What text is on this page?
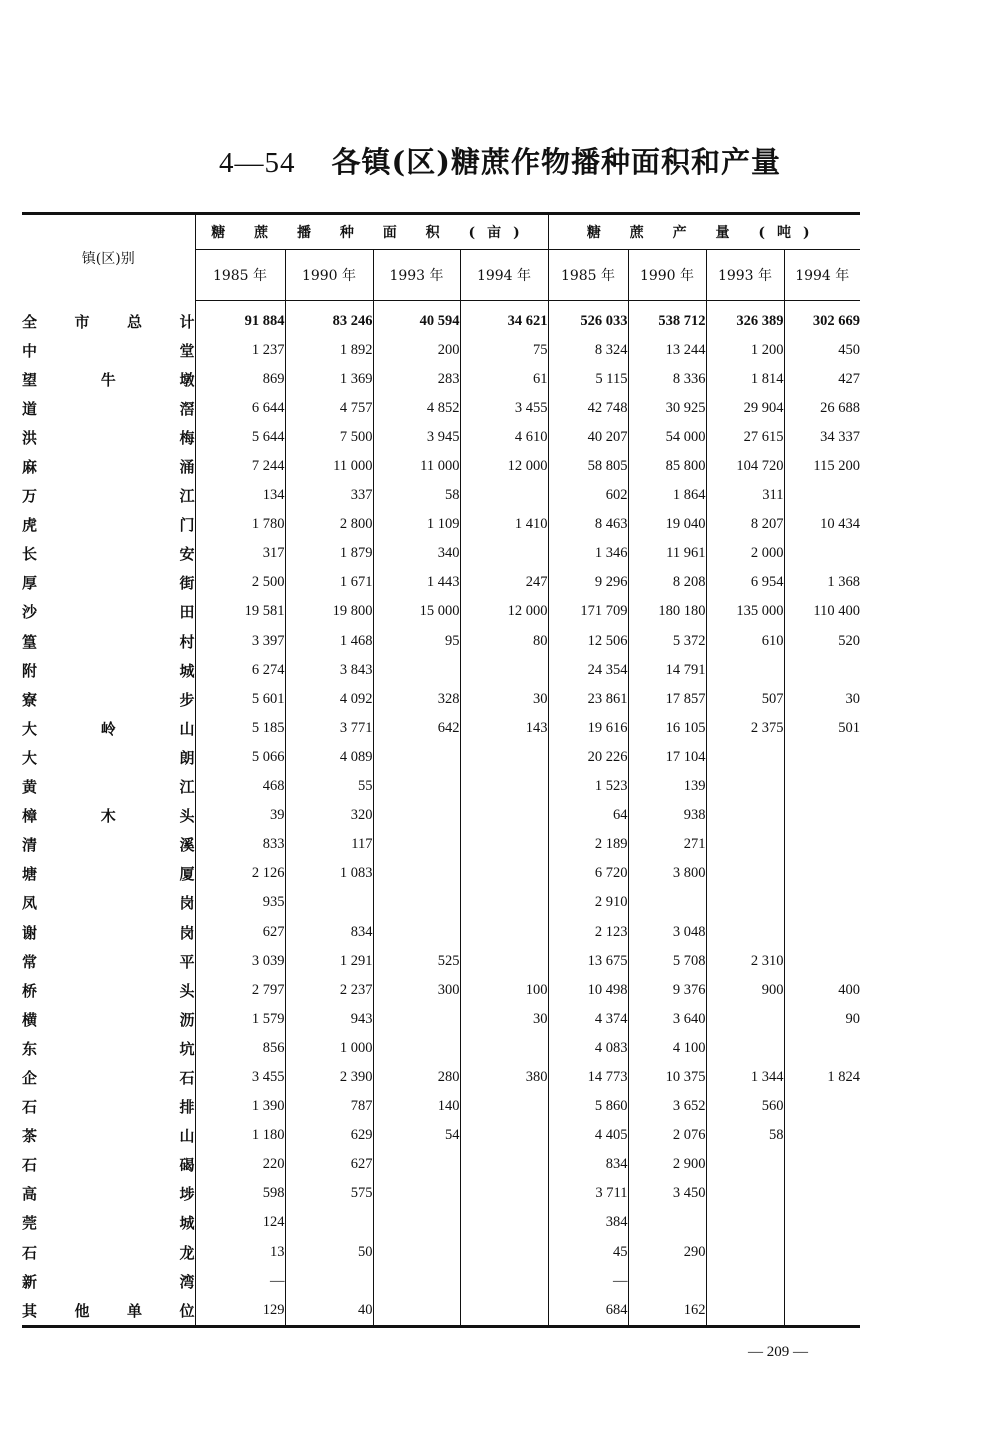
4—54 各镇(区)糖蔗作物播种面积和产量
镇(区)别	糖 蔗 播 种 面 积 (亩)				糖 蔗 产 量 (吨)			
	1985 年	1990 年	1993 年	1994 年	1985 年	1990 年	1993 年	1994 年
全市总计	91 884	83 246	40 594	34 621	526 033	538 712	326 389	302 669
中堂	1 237	1 892	200	75	8 324	13 244	1 200	450
望牛墩	869	1 369	283	61	5 115	8 336	1 814	427
道滘	6 644	4 757	4 852	3 455	42 748	30 925	29 904	26 688
洪梅	5 644	7 500	3 945	4 610	40 207	54 000	27 615	34 337
麻涌	7 244	11 000	11 000	12 000	58 805	85 800	104 720	115 200
万江	134	337	58		602	1 864	311	
虎门	1 780	2 800	1 109	1 410	8 463	19 040	8 207	10 434
长安	317	1 879	340		1 346	11 961	2 000	
厚街	2 500	1 671	1 443	247	9 296	8 208	6 954	1 368
沙田	19 581	19 800	15 000	12 000	171 709	180 180	135 000	110 400
篁村	3 397	1 468	95	80	12 506	5 372	610	520
附城	6 274	3 843			24 354	14 791		
寮步	5 601	4 092	328	30	23 861	17 857	507	30
大岭山	5 185	3 771	642	143	19 616	16 105	2 375	501
大朗	5 066	4 089			20 226	17 104		
黄江	468	55			1 523	139		
樟木头	39	320			64	938		
清溪	833	117			2 189	271		
塘厦	2 126	1 083			6 720	3 800		
凤岗	935				2 910			
谢岗	627	834			2 123	3 048		
常平	3 039	1 291	525		13 675	5 708	2 310	
桥头	2 797	2 237	300	100	10 498	9 376	900	400
横沥	1 579	943		30	4 374	3 640		90
东坑	856	1 000			4 083	4 100		
企石	3 455	2 390	280	380	14 773	10 375	1 344	1 824
石排	1 390	787	140		5 860	3 652	560	
茶山	1 180	629	54		4 405	2 076	58	
石碣	220	627			834	2 900		
高埗	598	575			3 711	3 450		
莞城	124				384			
石龙	13	50			45	290		
新湾	—				—			
其他单位	129	40			684	162		
— 209 —
